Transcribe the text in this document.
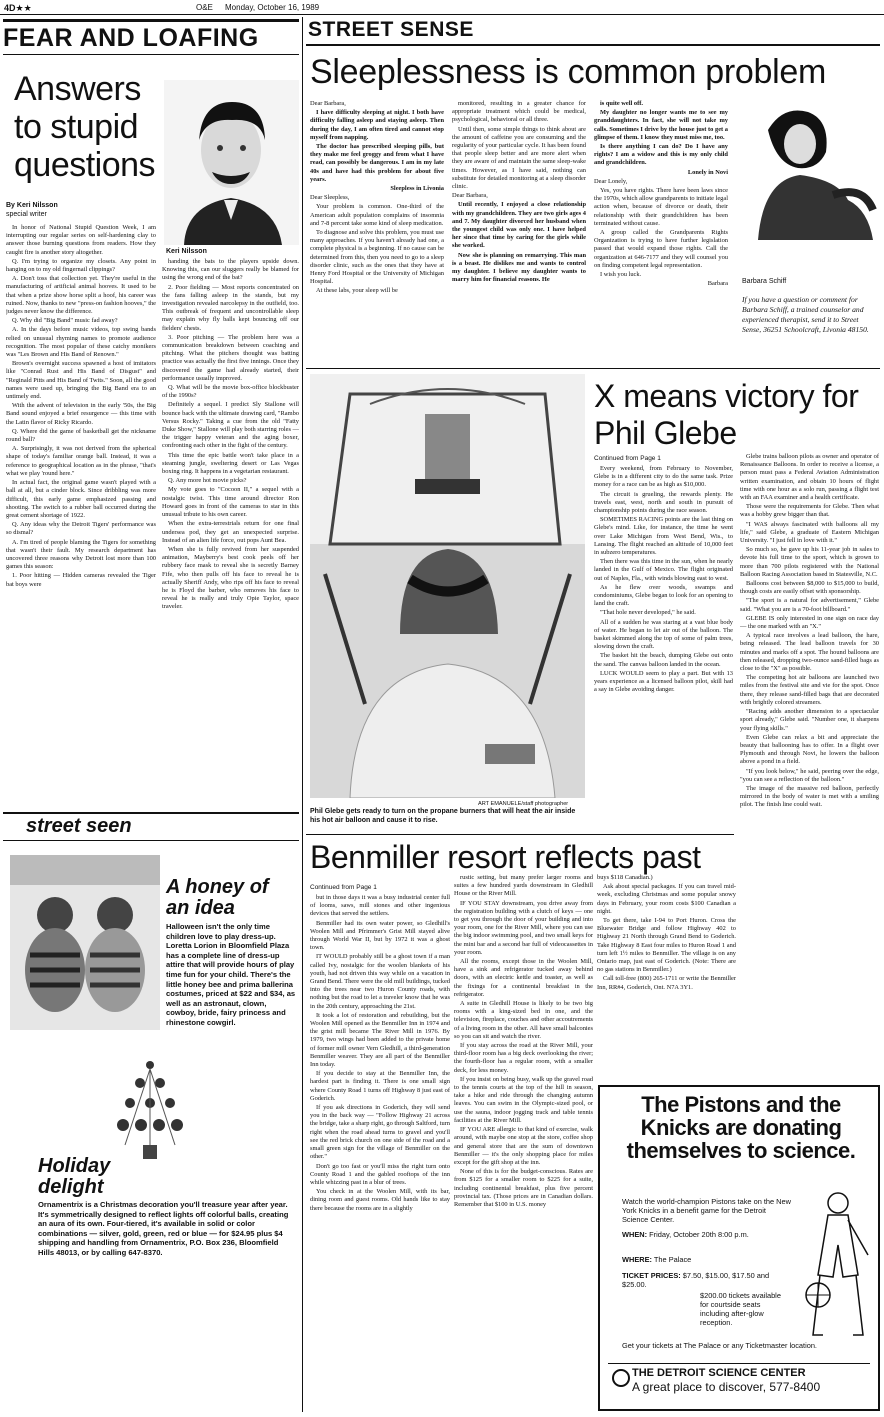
4D★★	O&E Monday, October 16, 1989
FEAR AND LOAFING
Answers to stupid questions
By Keri Nilsson
special writer
Keri Nilsson

In honor of National Stupid Question Week, I am interrupting our regular series on self-hardening clay to answer those burning questions from readers. How they caught fire is another story altogether.

Q. I'm trying to organize my closets. Any point in hanging on to my old fingernail clippings?

A. Don't toss that collection yet. They're useful in the manufacturing of artificial animal hooves. It used to be that when a prize show horse split a hoof, his career was ruined. Now, thanks to new "press-on fashion hooves," the judges never know the difference.

Q. Why did "Big Band" music fad away?

A. In the days before music videos, top swing bands relied on unusual rhyming names to promote audience recognition. The most popular of these catchy monikers was "Les Brown and His Band of Renown."

Brown's overnight success spawned a host of imitators like "Conrad Rust and His Band of Disgust" and "Reginald Pitts and His Band of Twits." Soon, all the good names were used up, bringing the Big Band era to an untimely end.

With the advent of television in the early '50s, the Big Band sound enjoyed a brief resurgence — this time with the Latin flavor of Ricky Ricardo.

Q. Where did the game of basketball get the nickname round ball?

A. Surprisingly, it was not derived from the spherical shape of today's familiar orange ball. Instead, it was a reference to geographical location as in the phrase, "that's what we play 'round here."

In actual fact, the original game wasn't played with a ball at all, but a cinder block. Since dribbling was more difficult, this early game emphasized passing and shooting. The switch to a rubber ball occurred during the great cement shortage of 1922.

Q. Any ideas why the Detroit Tigers' performance was so dismal?

A. I'm tired of people blaming the Tigers for something that wasn't their fault. My research department has uncovered three reasons why Detroit lost more than 100 games this season:

1. Poor hitting — Hidden cameras revealed the Tiger bat boys were

handing the bats to the players upside down. Knowing this, can our sluggers really be blamed for using the wrong end of the bat?

2. Poor fielding — Most reports concentrated on the fans falling asleep in the stands, but my investigation revealed narcolepsy in the outfield, too. This outbreak of frequent and uncontrollable sleep may explain why fly balls kept bouncing off our fielders' chests.

3. Poor pitching — The problem here was a communication breakdown between coaching and pitching. What the pitchers thought was batting practice was actually the first five innings. Once they discovered the game had already started, their performance usually improved.

Q. What will be the movie box-office blockbuster of the 1990s?

Definitely a sequel. I predict Sly Stallone will bounce back with the ultimate drawing card, "Rambo Versus Rocky." Taking a cue from the old "Fatty Duke Show," Stallone will play both starring roles — the trigger happy veteran and the aging boxer, confronting each other in the fight of the century.

This time the epic battle won't take place in a steaming jungle, sweltering desert or Las Vegas boxing ring. It happens in a vegetarian restaurant.

Q. Any more hot movie picks?

My vote goes to "Cocoon II," a sequel with a nostalgic twist. This time around director Ron Howard goes in front of the cameras to star in this unusual tribute to his own career.

When the extra-terrestrials return for one final undersea pod, they get an unexpected surprise. Instead of an alien life force, out pops Aunt Bea.

When she is fully revived from her suspended animation, Mayberry's best cook peels off her rubbery face mask to reveal she is secretly Barney Fife, who then pulls off his face to reveal he is actually Sheriff Andy, who rips off his face to reveal he is Floyd the barber, who removes his face to reveal he is really and truly Opie Taylor, space traveler.

street seen
A honey of an idea
Halloween isn't the only time children love to play dress-up. Loretta Lorion in Bloomfield Plaza has a complete line of dress-up attire that will provide hours of play time fun for your child. There's the little honey bee and prima ballerina costumes, priced at $22 and $34, as well as an astronaut, clown, cowboy, bride, fairy princess and rhinestone cowgirl.
Holiday delight
Ornamentrix is a Christmas decoration you'll treasure year after year. It's symmetrically designed to reflect lights off colorful balls, creating an aura of its own. Four-tiered, it's available in solid or color combinations — silver, gold, green, red or blue — for $24.95 plus $4 shipping and handling from Ornamentrix, P.O. Box 236, Bloomfield Hills 48013, or by calling 647-8370.
STREET SENSE
Sleeplessness is common problem

Dear Barbara,

I have difficulty sleeping at night. I both have difficulty falling asleep and staying asleep. Then during the day, I am often tired and cannot stop myself from napping.

The doctor has prescribed sleeping pills, but they make me feel groggy and from what I have read, can possibly be dangerous. I am in my late 40s and have had this problem for about five years.

Sleepless in Livonia

Dear Sleepless,

Your problem is common. One-third of the American adult population complains of insomnia and 7-8 percent take some kind of sleep medication.

To diagnose and solve this problem, you must use many approaches. If you haven't already had one, a complete physical is a beginning. If no cause can be determined from this, then you need to go to a sleep disorder clinic, such as the ones that they have at Henry Ford Hospital or the University of Michigan Hospital.

At these labs, your sleep will be

monitored, resulting in a greater chance for appropriate treatment which could be medical, psychological, behavioral or all three.

Until then, some simple things to think about are the amount of caffeine you are consuming and the regularity of your particular cycle. It has been found that people sleep better and are more alert when they are aware of and maintain the same sleep-wake times. However, as I have said, nothing can substitute for detailed monitoring at a sleep disorder clinic.

Dear Barbara,

Until recently, I enjoyed a close relationship with my grandchildren. They are two girls ages 4 and 7. My daughter divorced her husband when the youngest child was only one. I have helped her since that time by caring for the girls while she worked.

Now she is planning on remarrying. This man is a beast. He dislikes me and wants to control my daughter. I believe my daughter wants to marry him for financial reasons. He

is quite well off.

My daughter no longer wants me to see my granddaughters. In fact, she will not take my calls. Sometimes I drive by the house just to get a glimpse of them. I know they must miss me, too.

Is there anything I can do? Do I have any rights? I am a widow and this is my only child and grandchildren.

Lonely in Novi

Dear Lonely,

Yes, you have rights. There have been laws since the 1970s, which allow grandparents to initiate legal action when, because of divorce or death, their relationship with their grandchildren has been terminated without cause.

A group called the Grandparents Rights Organization is trying to have further legislation passed that would expand those rights. Call the organization at 646-7177 and they will counsel you on finding competent legal representation.

I wish you luck.

Barbara Barbara Schiff
If you have a question or comment for Barbara Schiff, a trained counselor and experienced therapist, send it to Street Sense, 36251 Schoolcraft, Livonia 48150.
ART EMANUELE/staff photographer
Phil Glebe gets ready to turn on the propane burners that will heat the air inside his hot air balloon and cause it to rise.
X means victory for Phil Glebe
Continued from Page 1

Every weekend, from February to November, Glebe is in a different city to do the same task. Prize money for a race can be as high as $10,000.

The circuit is grueling, the rewards plenty. He travels east, west, north and south in pursuit of championship points during the race season.

SOMETIMES RACING points are the last thing on Glebe's mind. Like, for instance, the time he went over Lake Michigan from West Bend, Wis., to Lansing. The flight reached an altitude of 10,000 feet in subzero temperatures.

Then there was this time in the sun, when he nearly landed in the Gulf of Mexico. The flight originated out of Naples, Fla., with winds blowing east to west.

As he flew over woods, swamps and condominiums, Glebe began to look for an opening to land the craft.

"That hole never developed," he said.

All of a sudden he was staring at a vast blue body of water. He began to let air out of the balloon. The basket skimmed along the top of some of palm trees, slowing down the craft.

The basket hit the beach, dumping Glebe out onto the sand. The canvas balloon landed in the ocean.

LUCK WOULD seem to play a part. But with 13 years experience as a licensed balloon pilot, skill had a say in Glebe avoiding danger.

Glebe trains balloon pilots as owner and operator of Renaissance Balloons. In order to receive a license, a person must pass a Federal Aviation Administration written examination, and obtain 10 hours of flight time with one hour as a solo run, passing a flight test with an FAA examiner and a health certificate.

Those were the requirements for Glebe. Then what was a hobby grew bigger than that.

"I WAS always fascinated with balloons all my life," said Glebe, a graduate of Eastern Michigan University. "I just fell in love with it."

So much so, he gave up his 11-year job in sales to devote his full time to the sport, which is grown to more than 700 pilots registered with the National Balloon Racing Association based in Statesville, N.C.

Balloons cost between $8,000 to $15,000 to build, though costs are easily offset with sponsorship.

"The sport is a natural for advertisement," Glebe said. "What you are is a 70-foot billboard."

GLEBE IS only interested in one sign on race day — the one marked with an "X."

A typical race involves a lead balloon, the hare, being released. The lead balloon travels for 30 minutes and marks off a spot. The hound balloons are then released, dropping two-ounce sand-filled bags as close to the "X" as possible.

The competing hot air balloons are launched two miles from the festival site and vie for the spot. Once there, they release sand-filled bags that are decorated with brightly colored streamers.

"Racing adds another dimension to a spectacular sport already," Glebe said. "Number one, it sharpens your flying skills."

Even Glebe can relax a bit and appreciate the beauty that ballooning has to offer. In a flight over Plymouth and through Novi, he lowers the balloon above a pond in a field.

"If you look below," he said, peering over the edge, "you can see a reflection of the balloon."

The image of the massive red balloon, perfectly mirrored in the body of water is met with a smiling pilot. The finish line could wait.

Benmiller resort reflects past
Continued from Page 1

but in those days it was a busy industrial center full of looms, saws, mill stones and other ingenious devices that served the settlers.

Benmiller had its own water power, so Gledhill's Woolen Mill and Pfrimmer's Grist Mill stayed alive through World War II, but by 1972 it was a ghost town.

IT WOULD probably still be a ghost town if a man called Ivy, nostalgic for the woolen blankets of his youth, had not driven this way while on a vacation in Grand Bend. There were the old mill buildings, tucked into the trees near two Huron County roads, with nothing but the road to let a traveler know that he was in the 20th century, approaching the 21st.

It took a lot of restoration and rebuilding, but the Woolen Mill opened as the Benmiller Inn in 1974 and the grist mill became The River Mill in 1976. By 1979, two wings had been added to the private home of former mill owner Vern Gledhill, a third-generation Benmiller weaver. They are all part of the Benmiller Inn today.

If you decide to stay at the Benmiller Inn, the hardest part is finding it. There is one small sign where County Road 1 turns off Highway 8 just east of Goderich.

If you ask directions in Goderich, they will send you in the back way — "Follow Highway 21 across the bridge, take a sharp right, go through Saltford, turn right when the road ahead turns to gravel and you'll see the red brick church on one side of the road and a small green sign for the village of Benmiller on the other."

Don't go too fast or you'll miss the right turn onto County Road 1 and the gabled rooftops of the inn while whizzing past in a blur of trees.

You check in at the Woolen Mill, with its bar, dining room and guest rooms. Old hands like to stay there because the rooms are in a slightly

rustic setting, but many prefer larger rooms and suites a few hundred yards downstream in Gledhill House or the River Mill.

IF YOU STAY downstream, you drive away from the registration building with a clutch of keys — one to get you through the door of your building and into your room, one for the River Mill, where you can use the big indoor swimming pool, and two small keys for the mini bar and a second bar full of videocassettes in your room.

All the rooms, except those in the Woolen Mill, have a sink and refrigerator tucked away behind doors, with an electric kettle and toaster, as well as the fixings for a continental breakfast in the refrigerator.

A suite in Gledhill House is likely to be two big rooms with a king-sized bed in one, and the television, fireplace, couches and other accoutrements of a living room in the other. All have small balconies so you can sit and watch the river.

If you stay across the road at the River Mill, your third-floor room has a big deck overlooking the river; the fourth-floor has a regular room, with a smaller deck, for less money.

If you insist on being busy, walk up the gravel road to the tennis courts at the top of the hill in season, take a hike and ride through the changing autumn leaves. You can swim in the Olympic-sized pool, or use the sauna, indoor jogging track and table tennis facilities at the River Mill.

IF YOU ARE allergic to that kind of exercise, walk around, with maybe one stop at the store, coffee shop and general store that are the sum of downtown Benmiller — it's the only shopping place for miles except for the gift shop at the inn.

None of this is for the budget-conscious. Rates are from $125 for a smaller room to $225 for a suite, including continental breakfast, plus five percent provincial tax. (Those prices are in Canadian dollars. Remember that $100 in U.S. money

buys $118 Canadian.)

Ask about special packages. If you can travel mid-week, excluding Christmas and some popular snowy days in February, your room costs $100 Canadian a night.

To get there, take I-94 to Port Huron. Cross the Bluewater Bridge and follow Highway 402 to Highway 21 North through Grand Bend to Goderich. Take Highway 8 East four miles to Huron Road 1 and turn left 1½ miles to Benmiller. The village is on any Ontario map, just east of Goderich. (Note: There are no gas stations in Benmiller.)

Call toll-free (800) 265-1711 or write the Benmiller Inn, RR#4, Goderich, Ont. N7A 3Y1.

The Pistons and the Knicks are donating themselves to science.
Watch the world-champion Pistons take on the New York Knicks in a benefit game for the Detroit Science Center.
WHEN: Friday, October 20th 8:00 p.m.
WHERE: The Palace
TICKET PRICES: $7.50, $15.00, $17.50 and $25.00.
$200.00 tickets available for courtside seats including after-glow reception.
Get your tickets at The Palace or any Ticketmaster location.
THE DETROIT SCIENCE CENTER
A great place to discover, 577-8400
